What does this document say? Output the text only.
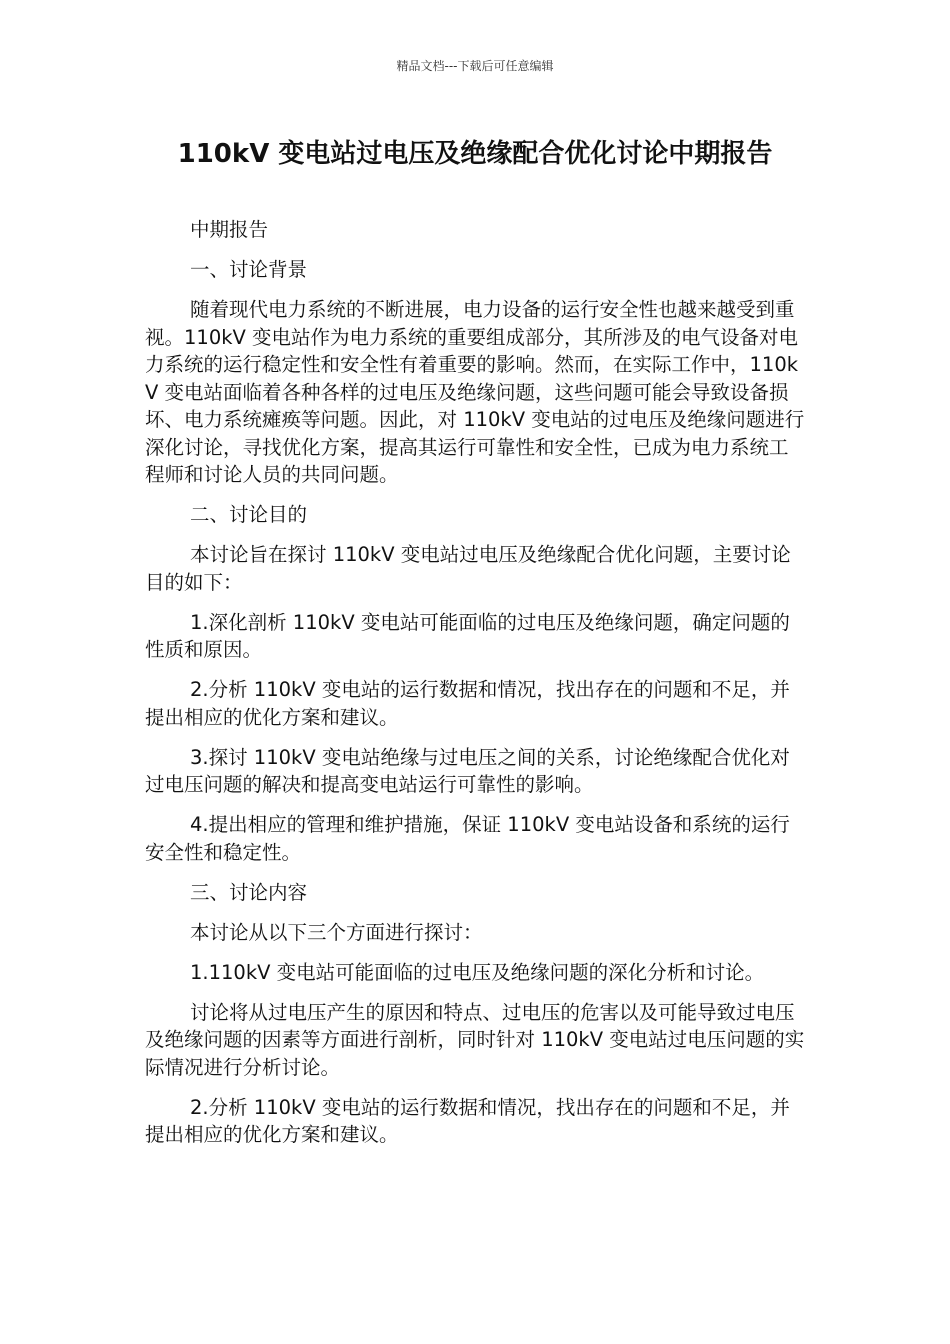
精品文档---下载后可任意编辑
110kV 变电站过电压及绝缘配合优化讨论中期报告

中期报告

一、讨论背景

随着现代电力系统的不断进展，电力设备的运行安全性也越来越受到重视。110kV 变电站作为电力系统的重要组成部分，其所涉及的电气设备对电力系统的运行稳定性和安全性有着重要的影响。然而，在实际工作中，110kV 变电站面临着各种各样的过电压及绝缘问题，这些问题可能会导致设备损坏、电力系统瘫痪等问题。因此，对 110kV 变电站的过电压及绝缘问题进行深化讨论，寻找优化方案，提高其运行可靠性和安全性，已成为电力系统工程师和讨论人员的共同问题。

二、讨论目的

本讨论旨在探讨 110kV 变电站过电压及绝缘配合优化问题，主要讨论目的如下：

1.深化剖析 110kV 变电站可能面临的过电压及绝缘问题，确定问题的性质和原因。

2.分析 110kV 变电站的运行数据和情况，找出存在的问题和不足，并提出相应的优化方案和建议。

3.探讨 110kV 变电站绝缘与过电压之间的关系，讨论绝缘配合优化对过电压问题的解决和提高变电站运行可靠性的影响。

4.提出相应的管理和维护措施，保证 110kV 变电站设备和系统的运行安全性和稳定性。

三、讨论内容

本讨论从以下三个方面进行探讨：

1.110kV 变电站可能面临的过电压及绝缘问题的深化分析和讨论。

讨论将从过电压产生的原因和特点、过电压的危害以及可能导致过电压及绝缘问题的因素等方面进行剖析，同时针对 110kV 变电站过电压问题的实际情况进行分析讨论。

2.分析 110kV 变电站的运行数据和情况，找出存在的问题和不足，并提出相应的优化方案和建议。
